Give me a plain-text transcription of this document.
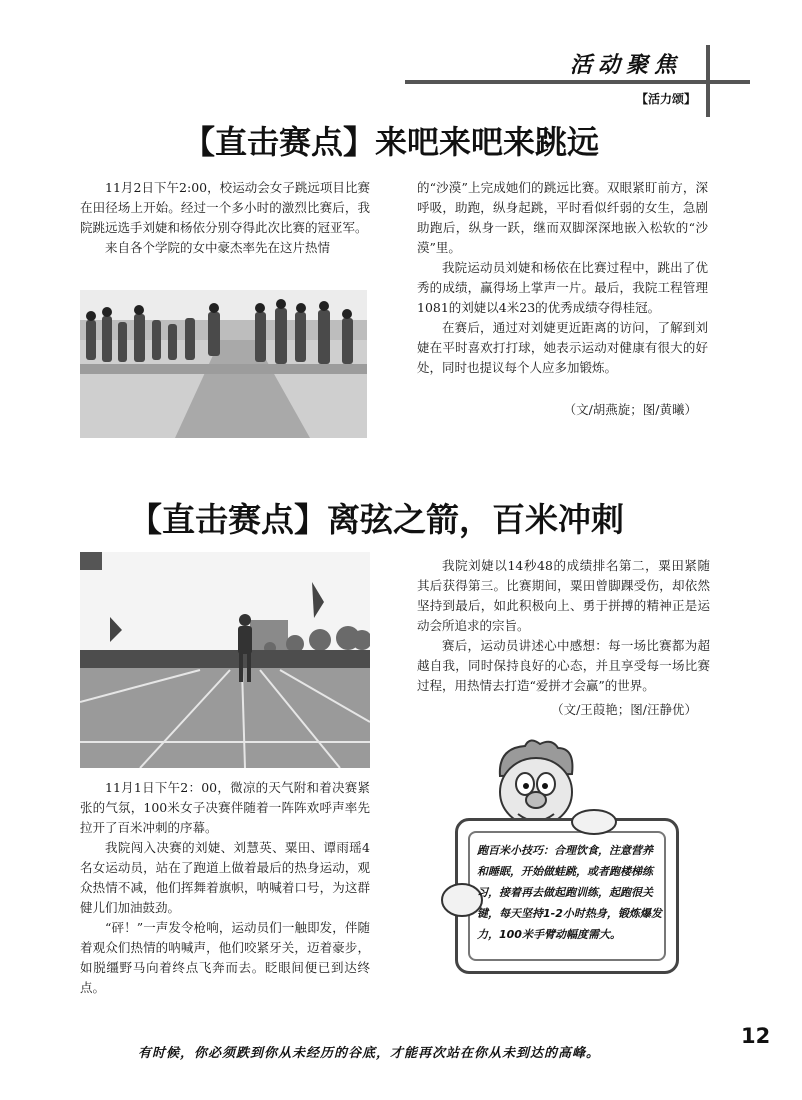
活动聚焦
【活力颂】
【直击赛点】来吧来吧来跳远

11月2日下午2:00，校运动会女子跳远项目比赛在田径场上开始。经过一个多小时的激烈比赛后，我院跳远选手刘婕和杨依分别夺得此次比赛的冠亚军。

来自各个学院的女中豪杰率先在这片热情

的“沙漠”上完成她们的跳远比赛。双眼紧盯前方，深呼吸，助跑，纵身起跳，平时看似纤弱的女生，急剧助跑后，纵身一跃，继而双脚深深地嵌入松软的“沙漠”里。

我院运动员刘婕和杨依在比赛过程中，跳出了优秀的成绩，赢得场上掌声一片。最后，我院工程管理1081的刘婕以4米23的优秀成绩夺得桂冠。

在赛后，通过对刘婕更近距离的访问，了解到刘婕在平时喜欢打打球，她表示运动对健康有很大的好处，同时也提议每个人应多加锻炼。

（文/胡燕旋；图/黄曦）
【直击赛点】离弦之箭，百米冲刺

11月1日下午2：00，微凉的天气附和着决赛紧张的气氛，100米女子决赛伴随着一阵阵欢呼声率先拉开了百米冲刺的序幕。

我院闯入决赛的刘婕、刘慧英、粟田、谭雨瑶4名女运动员，站在了跑道上做着最后的热身运动，观众热情不减，他们挥舞着旗帜，呐喊着口号，为这群健儿们加油鼓劲。

“砰！”一声发令枪响，运动员们一触即发，伴随着观众们热情的呐喊声，他们咬紧牙关，迈着豪步，如脱缰野马向着终点飞奔而去。眨眼间便已到达终点。

我院刘婕以14秒48的成绩排名第二，粟田紧随其后获得第三。比赛期间，粟田曾脚踝受伤，却依然坚持到最后，如此积极向上、勇于拼搏的精神正是运动会所追求的宗旨。

赛后，运动员讲述心中感想：每一场比赛都为超越自我，同时保持良好的心态，并且享受每一场比赛过程，用热情去打造“爱拼才会赢”的世界。

（文/王葭艳；图/汪静优）
跑百米小技巧：合理饮食，注意营养和睡眠，开始做蛙跳，或者跑楼梯练习，接着再去做起跑训练，起跑很关键，每天坚持1-2小时热身，锻炼爆发力，100米手臂动幅度需大。
有时候，你必须跌到你从未经历的谷底，才能再次站在你从未到达的高峰。
12
